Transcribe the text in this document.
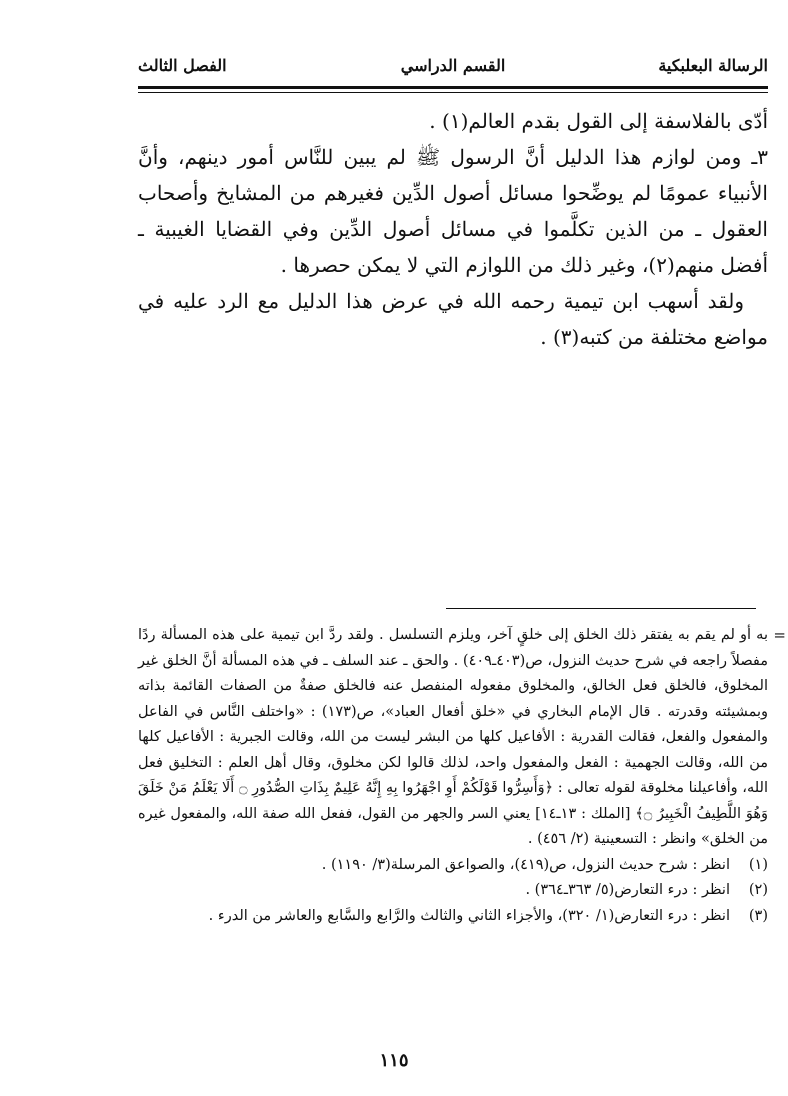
الرسالة البعلبكية
القسم الدراسي
الفصل الثالث

أدّى بالفلاسفة إلى القول بقدم العالم(١) .

٣ـ ومن لوازم هذا الدليل أنَّ الرسول ﷺ لم يبين للنَّاس أمور دينهم، وأنَّ الأنبياء عمومًا لم يوضِّحوا مسائل أصول الدِّين فغيرهم من المشايخ وأصحاب العقول ـ من الذين تكلَّموا في مسائل أصول الدِّين وفي القضايا الغيبية ـ أفضل منهم(٢)، وغير ذلك من اللوازم التي لا يمكن حصرها .

ولقد أسهب ابن تيمية رحمه الله في عرض هذا الدليل مع الرد عليه في مواضع مختلفة من كتبه(٣) .

=

به أو لم يقم به يفتقر ذلك الخلق إلى خلقٍ آخر، ويلزم التسلسل . ولقد ردَّ ابن تيمية على هذه المسألة ردًا مفصلاً راجعه في شرح حديث النزول، ص(٤٠٣ـ٤٠٩) . والحق ـ عند السلف ـ في هذه المسألة أنَّ الخلق غير المخلوق، فالخلق فعل الخالق، والمخلوق مفعوله المنفصل عنه فالخلق صفةٌ من الصفات القائمة بذاته وبمشيئته وقدرته . قال الإمام البخاري في «خلق أفعال العباد»، ص(١٧٣) : «واختلف النَّاس في الفاعل والمفعول والفعل، فقالت القدرية : الأفاعيل كلها من البشر ليست من الله، وقالت الجبرية : الأفاعيل كلها من الله، وقالت الجهمية : الفعل والمفعول واحد، لذلك قالوا لكن مخلوق، وقال أهل العلم : التخليق فعل الله، وأفاعيلنا مخلوقة لقوله تعالى : ﴿وَأَسِرُّوا قَوْلَكُمْ أَوِ اجْهَرُوا بِهِ إِنَّهُ عَلِيمٌ بِذَاتِ الصُّدُورِ ۝ أَلَا يَعْلَمُ مَنْ خَلَقَ وَهُوَ اللَّطِيفُ الْخَبِيرُ ۝﴾ [الملك : ١٣ـ١٤] يعني السر والجهر من القول، ففعل الله صفة الله، والمفعول غيره من الخلق» وانظر : التسعينية (٢/ ٤٥٦) .

(١)
انظر : شرح حديث النزول، ص(٤١٩)، والصواعق المرسلة(٣/ ١١٩٠) .
(٢)
انظر : درء التعارض(٥/ ٣٦٣ـ٣٦٤) .
(٣)
انظر : درء التعارض(١/ ٣٢٠)، والأجزاء الثاني والثالث والرَّابع والسَّابع والعاشر من الدرء .
١١٥
